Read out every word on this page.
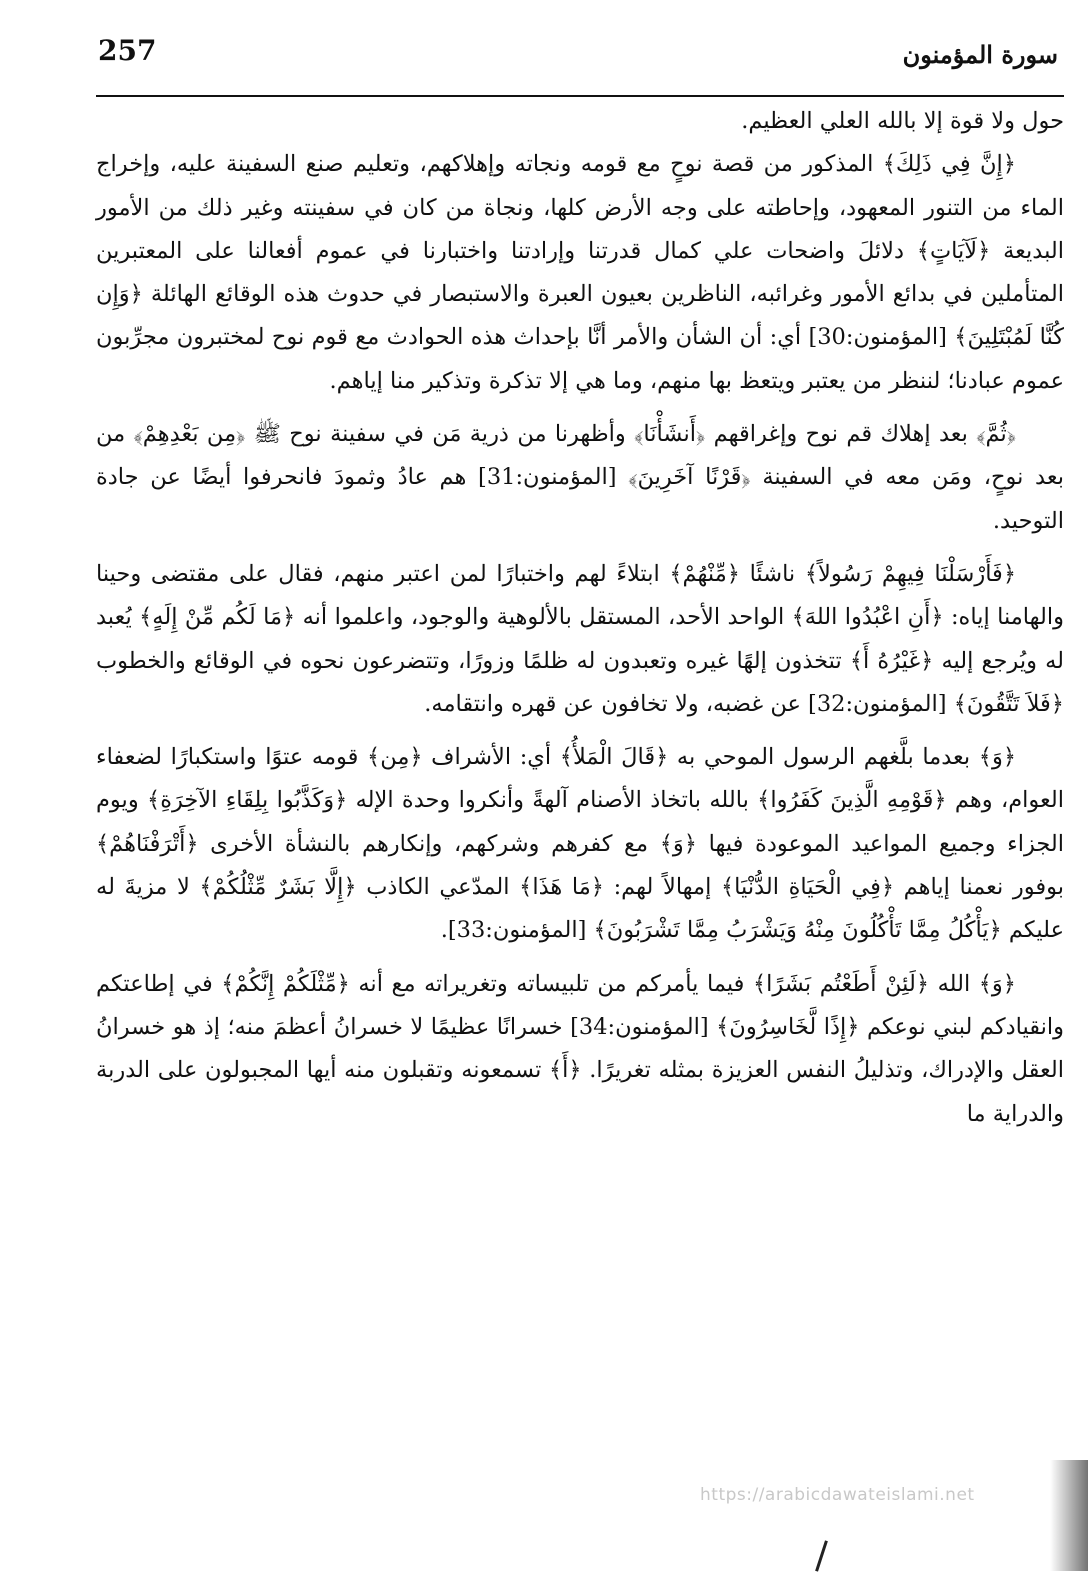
257	سورة المؤمنون

حول ولا قوة إلا بالله العلي العظيم.

﴿إِنَّ فِي ذَلِكَ﴾ المذكور من قصة نوحٍ مع قومه ونجاته وإهلاكهم، وتعليم صنع السفينة عليه، وإخراج الماء من التنور المعهود، وإحاطته على وجه الأرض كلها، ونجاة من كان في سفينته وغير ذلك من الأمور البديعة ﴿لَآيَاتٍ﴾ دلائلَ واضحات علي كمال قدرتنا وإرادتنا واختبارنا في عموم أفعالنا على المعتبرين المتأملين في بدائع الأمور وغرائبه، الناظرين بعيون العبرة والاستبصار في حدوث هذه الوقائع الهائلة ﴿وَإِن كُنَّا لَمُبْتَلِينَ﴾ [المؤمنون:30] أي: أن الشأن والأمر أنَّا بإحداث هذه الحوادث مع قوم نوح لمختبرون مجرِّبون عموم عبادنا؛ لننظر من يعتبر ويتعظ بها منهم، وما هي إلا تذكرة وتذكير منا إياهم.

﴿ثُمَّ﴾ بعد إهلاك قم نوح وإغراقهم ﴿أَنشَأْنَا﴾ وأظهرنا من ذرية مَن في سفينة نوح ﷺ ﴿مِن بَعْدِهِمْ﴾ من بعد نوحٍ، ومَن معه في السفينة ﴿قَرْنًا آخَرِينَ﴾ [المؤمنون:31] هم عادُ وثمودَ فانحرفوا أيضًا عن جادة التوحيد.

﴿فَأَرْسَلْنَا فِيهِمْ رَسُولاً﴾ ناشئًا ﴿مِّنْهُمْ﴾ ابتلاءً لهم واختبارًا لمن اعتبر منهم، فقال على مقتضى وحينا والهامنا إياه: ﴿أَنِ اعْبُدُوا اللهَ﴾ الواحد الأحد، المستقل بالألوهية والوجود، واعلموا أنه ﴿مَا لَكُم مِّنْ إِلَهٍ﴾ يُعبد له ويُرجع إليه ﴿غَيْرُهُ أَ﴾ تتخذون إلهًا غيره وتعبدون له ظلمًا وزورًا، وتتضرعون نحوه في الوقائع والخطوب ﴿فَلاَ تَتَّقُونَ﴾ [المؤمنون:32] عن غضبه، ولا تخافون عن قهره وانتقامه.

﴿وَ﴾ بعدما بلَّغهم الرسول الموحي به ﴿قَالَ الْمَلأُ﴾ أي: الأشراف ﴿مِن﴾ قومه عتوًا واستكبارًا لضعفاء العوام، وهم ﴿قَوْمِهِ الَّذِينَ كَفَرُوا﴾ بالله باتخاذ الأصنام آلهةً وأنكروا وحدة الإله ﴿وَكَذَّبُوا بِلِقَاءِ الآخِرَةِ﴾ ويوم الجزاء وجميع المواعيد الموعودة فيها ﴿وَ﴾ مع كفرهم وشركهم، وإنكارهم بالنشأة الأخرى ﴿أَتْرَفْنَاهُمْ﴾ بوفور نعمنا إياهم ﴿فِي الْحَيَاةِ الدُّنْيَا﴾ إمهالاً لهم: ﴿مَا هَذَا﴾ المدّعي الكاذب ﴿إِلَّا بَشَرٌ مِّثْلُكُمْ﴾ لا مزيةَ له عليكم ﴿يَأْكُلُ مِمَّا تَأْكُلُونَ مِنْهُ وَيَشْرَبُ مِمَّا تَشْرَبُونَ﴾ [المؤمنون:33].

﴿وَ﴾ الله ﴿لَئِنْ أَطَعْتُم بَشَرًا﴾ فيما يأمركم من تلبيساته وتغريراته مع أنه ﴿مِّثْلَكُمْ إِنَّكُمْ﴾ في إطاعتكم وانقيادكم لبني نوعكم ﴿إِذًا لَّخَاسِرُونَ﴾ [المؤمنون:34] خسرانًا عظيمًا لا خسرانُ أعظمَ منه؛ إذ هو خسرانُ العقل والإدراك، وتذليلُ النفس العزيزة بمثله تغريرًا. ﴿أَ﴾ تسمعونه وتقبلون منه أيها المجبولون على الدربة والدراية ما

https://arabicdawateislami.net
